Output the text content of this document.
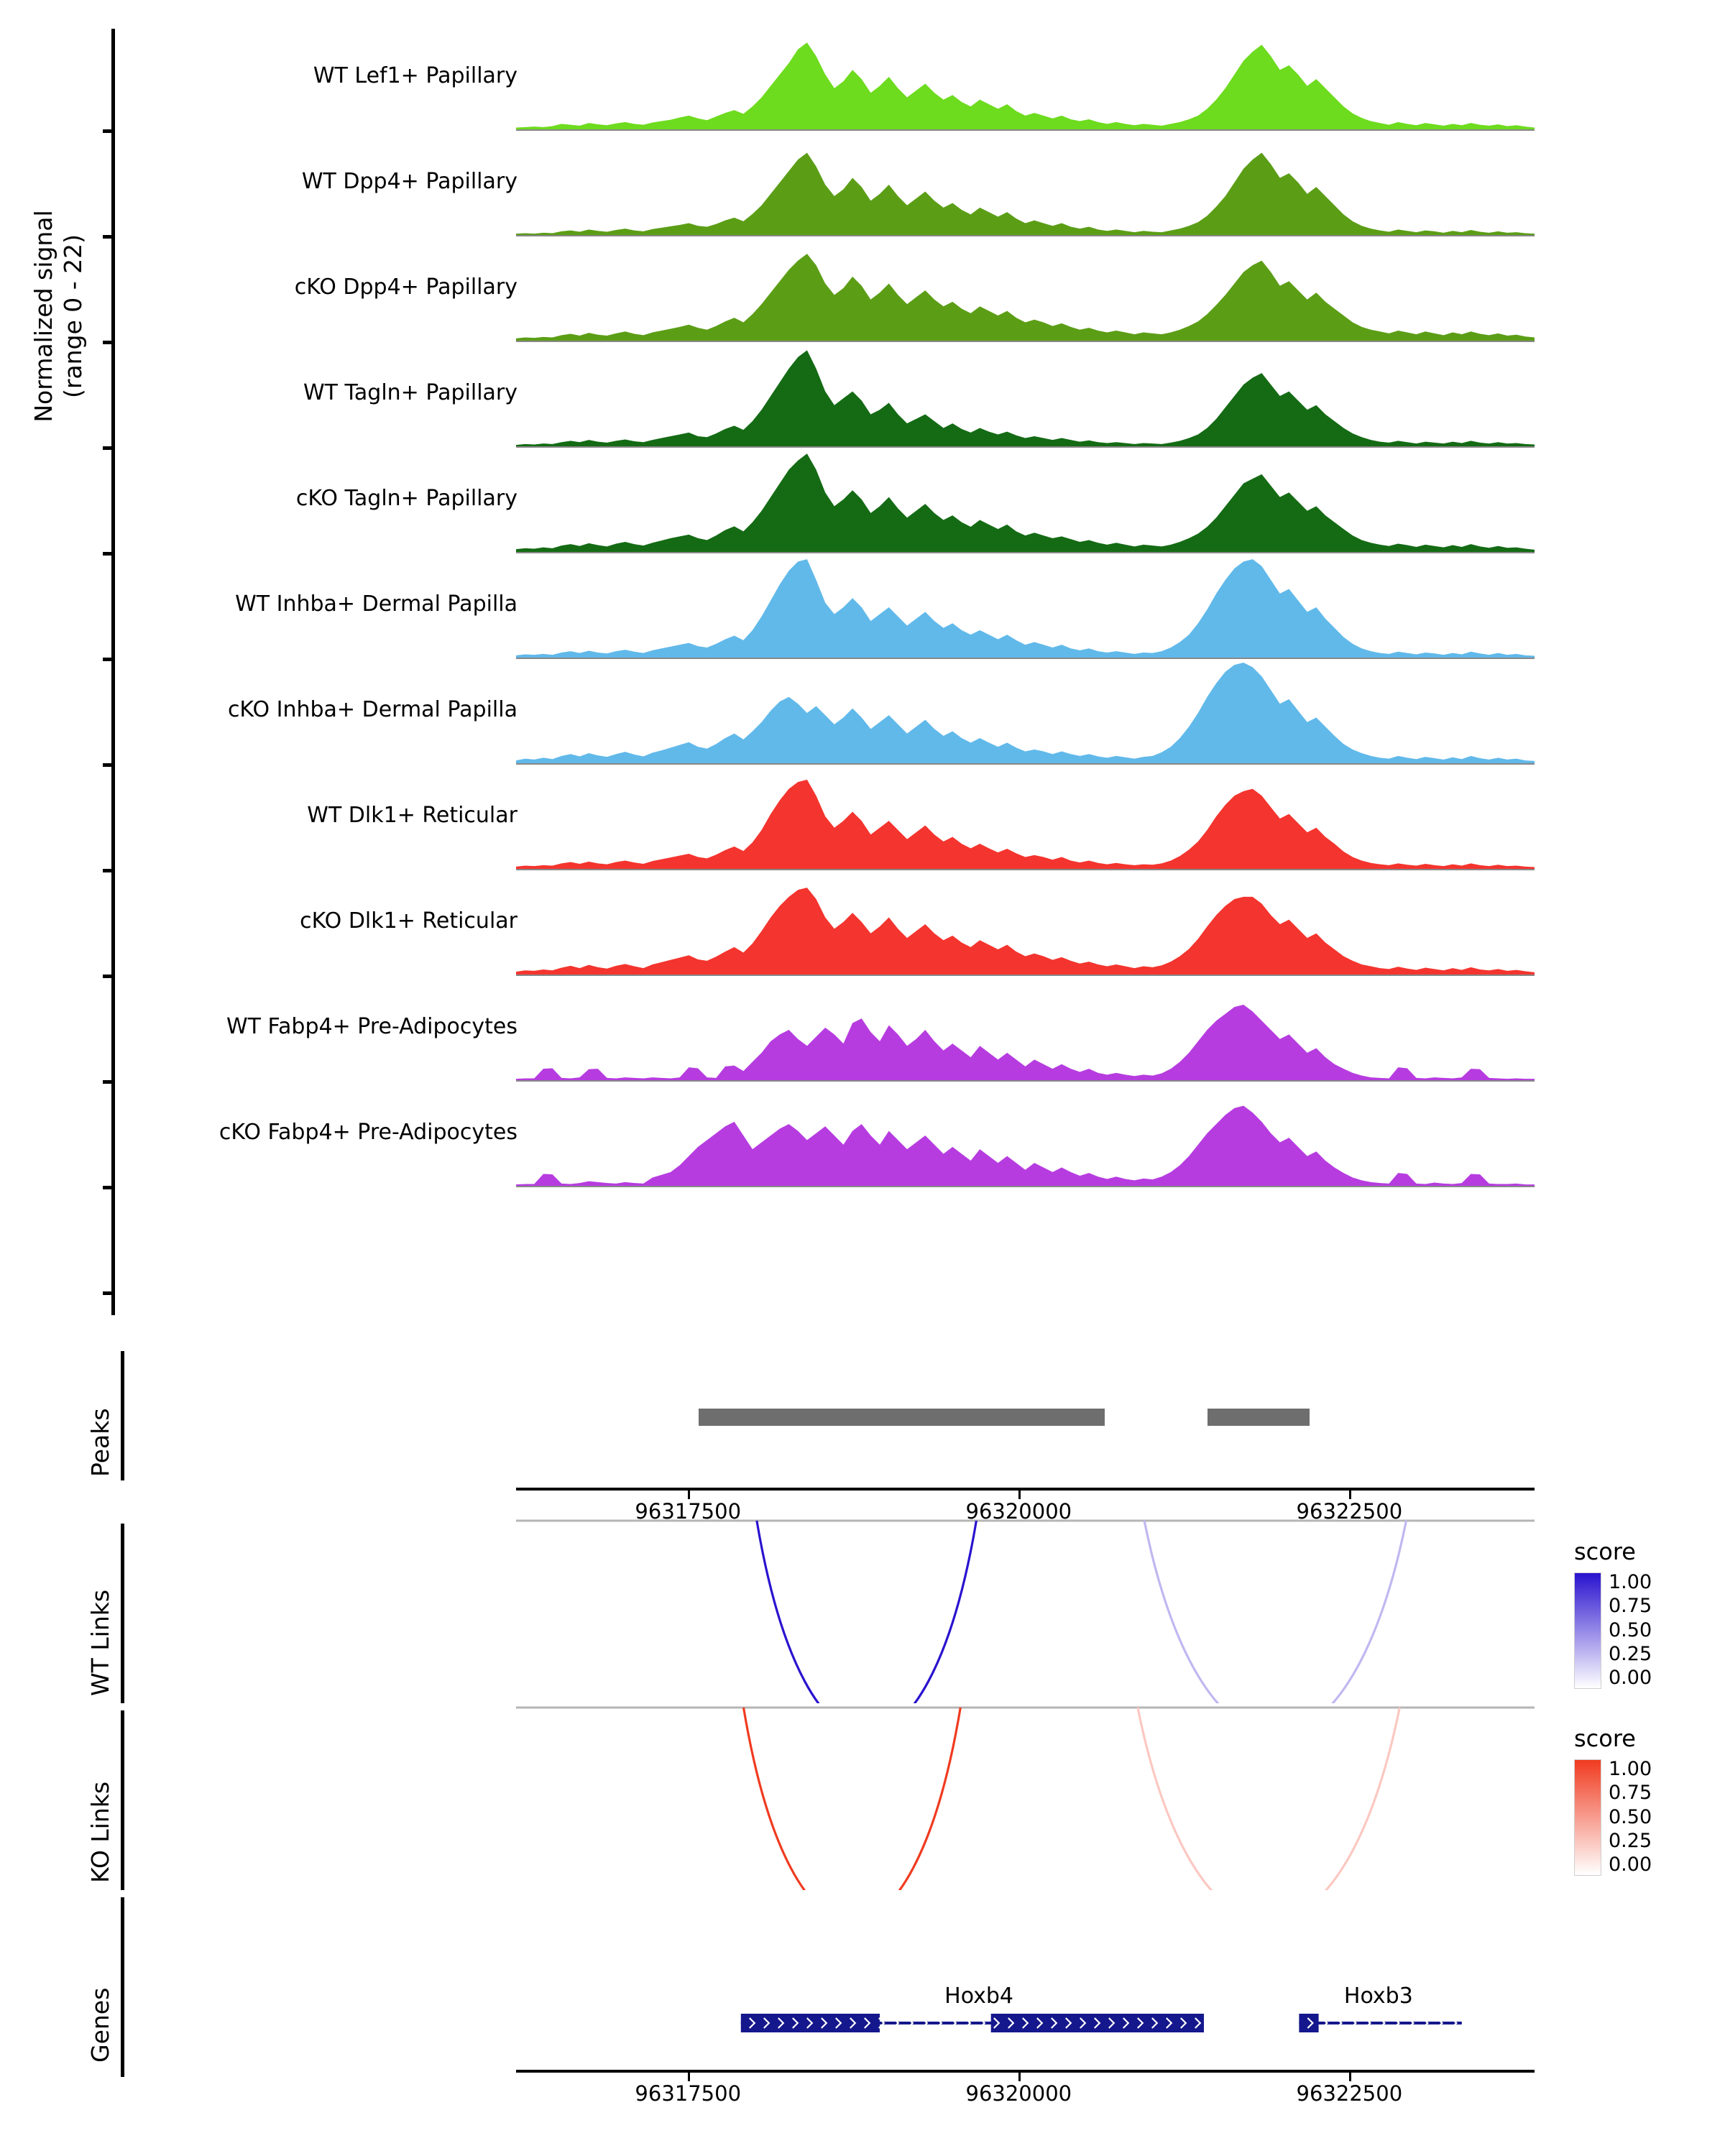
Normalized signal
(range 0 - 22)
WT Lef1+ Papillary
WT Dpp4+ Papillary
cKO Dpp4+ Papillary
WT Tagln+ Papillary
cKO Tagln+ Papillary
WT Inhba+ Dermal Papilla
cKO Inhba+ Dermal Papilla
WT Dlk1+ Reticular
cKO Dlk1+ Reticular
WT Fabp4+ Pre-Adipocytes
cKO Fabp4+ Pre-Adipocytes
Peaks
96317500	96320000	96322500
WT Links
score
1.00
0.75
0.50
0.25
0.00
KO Links
score
1.00
0.75
0.50
0.25
0.00
Genes	Hoxb4	Hoxb3
96317500	96320000	96322500
